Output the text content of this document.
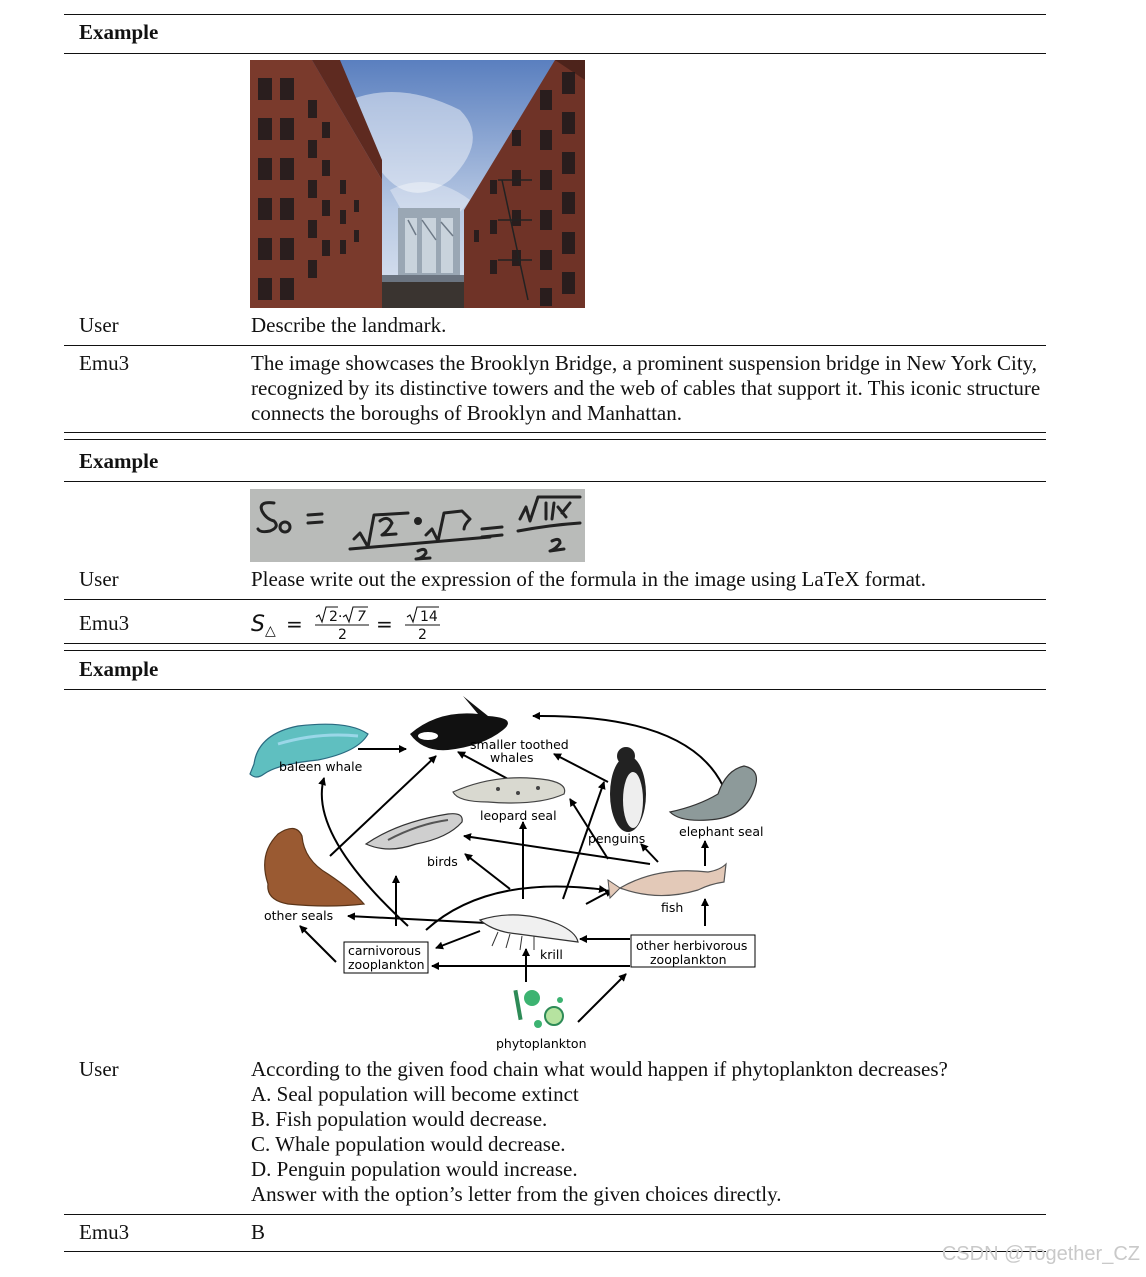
Example
User	Describe the landmark.
Emu3	The image showcases the Brooklyn Bridge, a prominent suspension bridge in New York City, recognized by its distinctive towers and the web of cables that support it. This iconic structure connects the boroughs of Brooklyn and Manhattan.
Example
User	Please write out the expression of the formula in the image using LaTeX format.
Emu3	S △ = 2 · 7
2 = 14
2
Example
baleen whale
smaller toothed
whales
leopard seal
penguins	elephant seal
birds
other seals
fish
krill
carnivorous
zooplankton
other herbivorous
zooplankton
phytoplankton
User	According to the given food chain what would happen if phytoplankton decreases?
A. Seal population will become extinct
B. Fish population would decrease.
C. Whale population would decrease.
D. Penguin population would increase.
Answer with the option’s letter from the given choices directly.
Emu3	B
CSDN @Together_CZ
